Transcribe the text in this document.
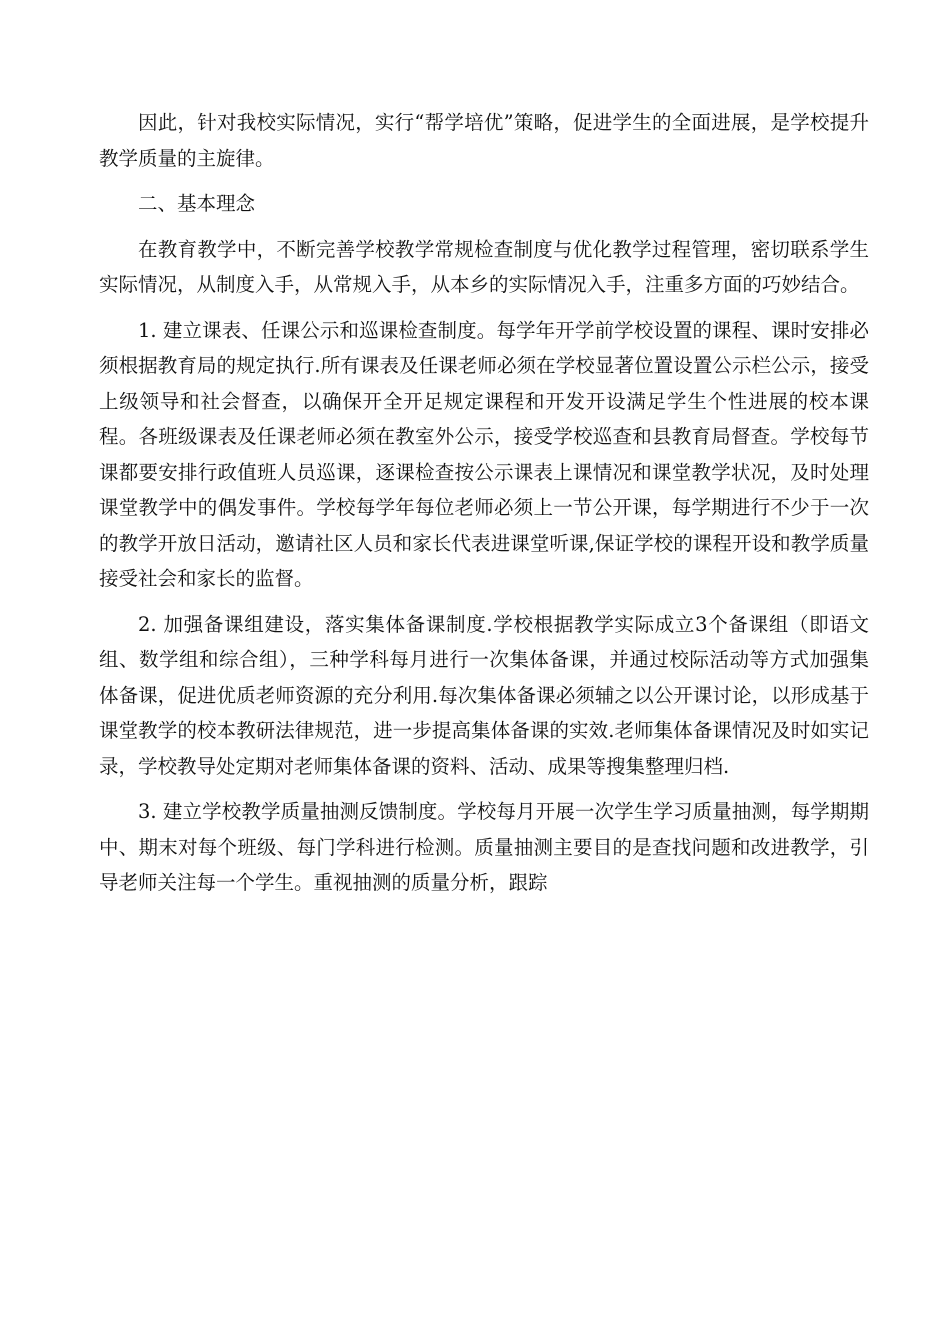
因此，针对我校实际情况，实行“帮学培优”策略，促进学生的全面进展，是学校提升教学质量的主旋律。

二、基本理念

在教育教学中，不断完善学校教学常规检查制度与优化教学过程管理，密切联系学生实际情况，从制度入手，从常规入手，从本乡的实际情况入手，注重多方面的巧妙结合。

1. 建立课表、任课公示和巡课检查制度。每学年开学前学校设置的课程、课时安排必须根据教育局的规定执行.所有课表及任课老师必须在学校显著位置设置公示栏公示，接受上级领导和社会督查，以确保开全开足规定课程和开发开设满足学生个性进展的校本课程。各班级课表及任课老师必须在教室外公示，接受学校巡查和县教育局督查。学校每节课都要安排行政值班人员巡课，逐课检查按公示课表上课情况和课堂教学状况，及时处理课堂教学中的偶发事件。学校每学年每位老师必须上一节公开课，每学期进行不少于一次的教学开放日活动，邀请社区人员和家长代表进课堂听课,保证学校的课程开设和教学质量接受社会和家长的监督。

2. 加强备课组建设，落实集体备课制度.学校根据教学实际成立3个备课组（即语文组、数学组和综合组），三种学科每月进行一次集体备课，并通过校际活动等方式加强集体备课，促进优质老师资源的充分利用.每次集体备课必须辅之以公开课讨论，以形成基于课堂教学的校本教研法律规范，进一步提高集体备课的实效.老师集体备课情况及时如实记录，学校教导处定期对老师集体备课的资料、活动、成果等搜集整理归档.

3. 建立学校教学质量抽测反馈制度。学校每月开展一次学生学习质量抽测，每学期期中、期末对每个班级、每门学科进行检测。质量抽测主要目的是查找问题和改进教学，引导老师关注每一个学生。重视抽测的质量分析，跟踪
